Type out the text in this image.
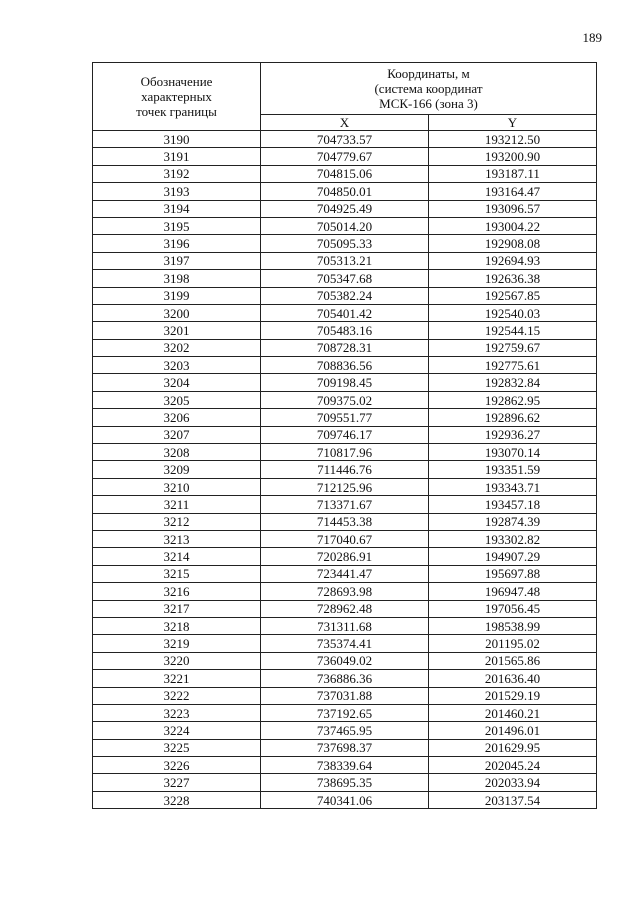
189
Обозначение
характерных
точек границы	Координаты, м
(система координат
МСК-166 (зона 3)	

	X	Y
3190	704733.57	193212.50
3191	704779.67	193200.90
3192	704815.06	193187.11
3193	704850.01	193164.47
3194	704925.49	193096.57
3195	705014.20	193004.22
3196	705095.33	192908.08
3197	705313.21	192694.93
3198	705347.68	192636.38
3199	705382.24	192567.85
3200	705401.42	192540.03
3201	705483.16	192544.15
3202	708728.31	192759.67
3203	708836.56	192775.61
3204	709198.45	192832.84
3205	709375.02	192862.95
3206	709551.77	192896.62
3207	709746.17	192936.27
3208	710817.96	193070.14
3209	711446.76	193351.59
3210	712125.96	193343.71
3211	713371.67	193457.18
3212	714453.38	192874.39
3213	717040.67	193302.82
3214	720286.91	194907.29
3215	723441.47	195697.88
3216	728693.98	196947.48
3217	728962.48	197056.45
3218	731311.68	198538.99
3219	735374.41	201195.02
3220	736049.02	201565.86
3221	736886.36	201636.40
3222	737031.88	201529.19
3223	737192.65	201460.21
3224	737465.95	201496.01
3225	737698.37	201629.95
3226	738339.64	202045.24
3227	738695.35	202033.94
3228	740341.06	203137.54
